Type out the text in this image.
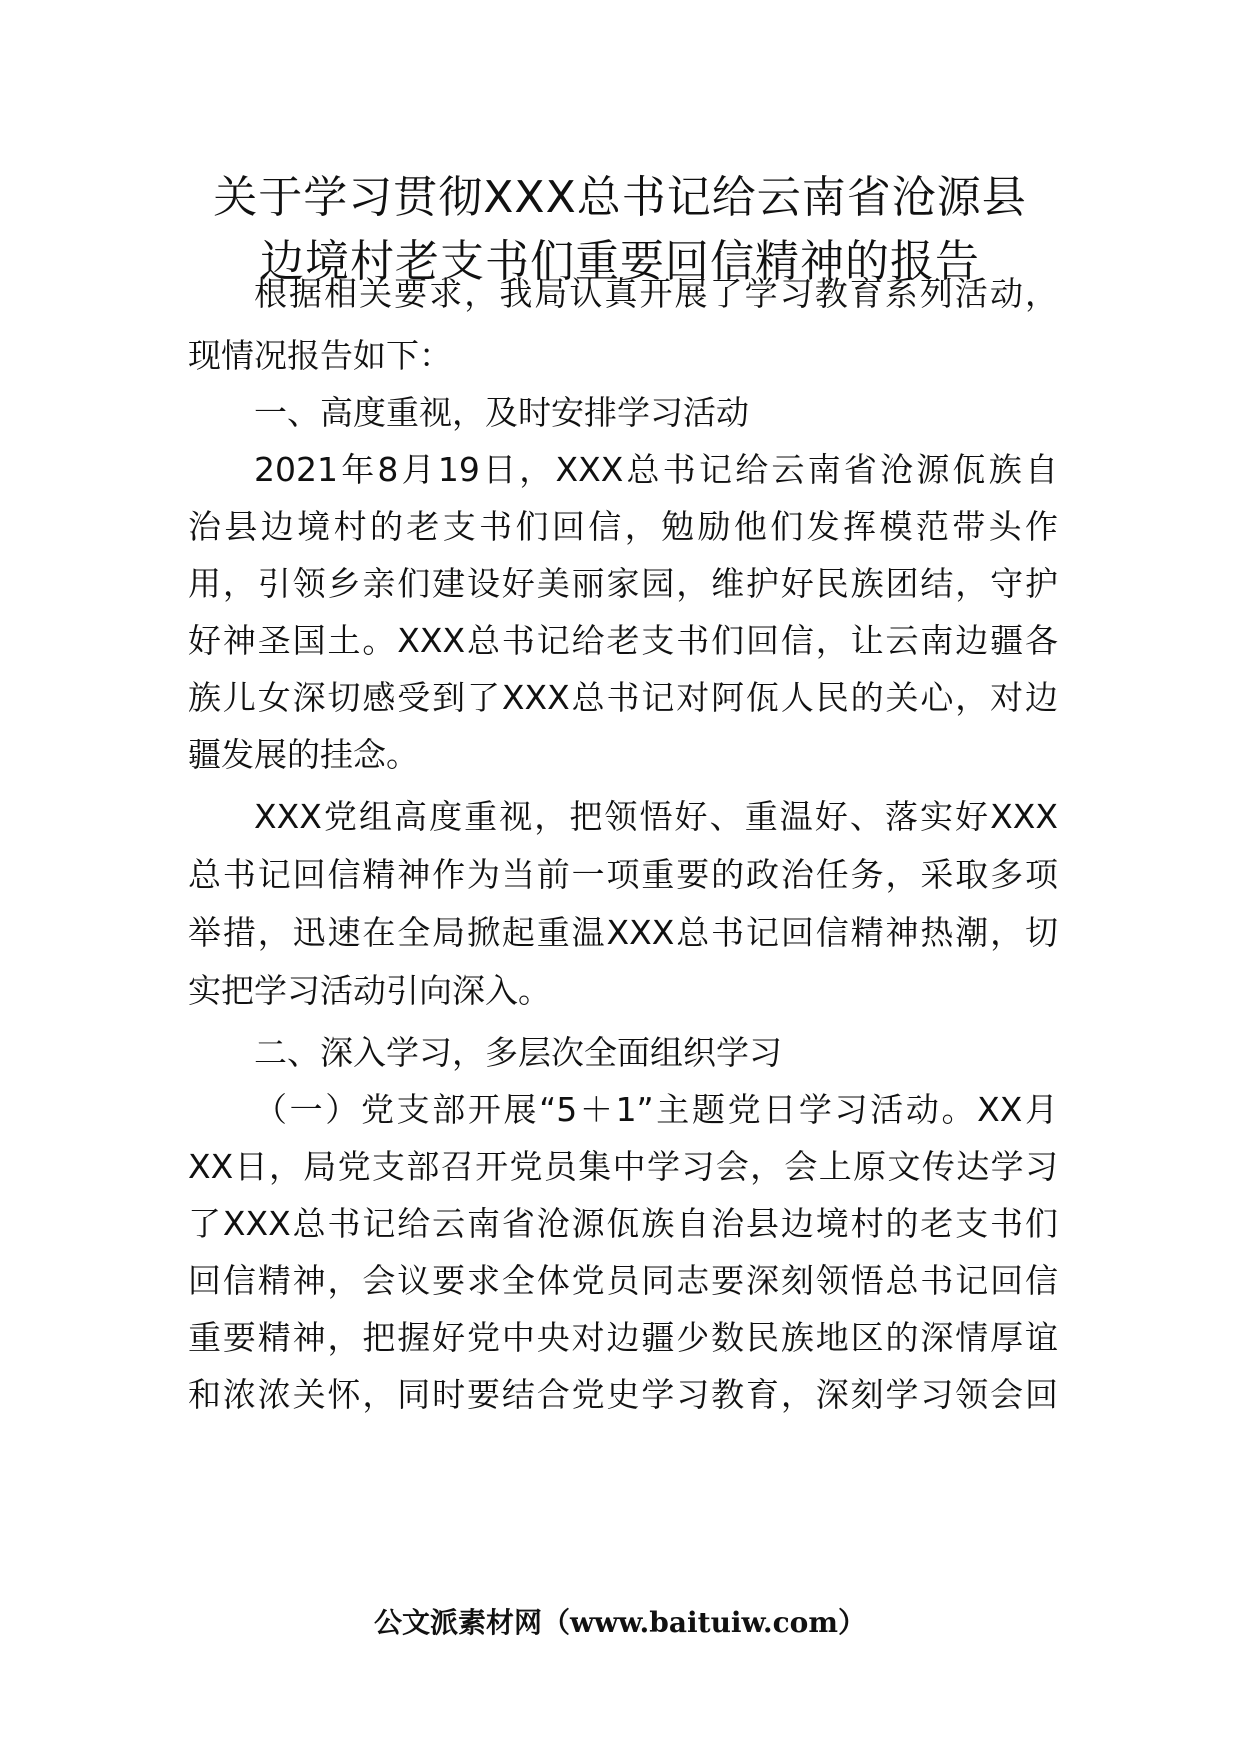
关于学习贯彻XXX总书记给云南省沧源县
边境村老支书们重要回信精神的报告
根据相关要求，我局认真开展了学习教育系列活动，
现情况报告如下：
一、高度重视，及时安排学习活动
2021年8月19日，XXX总书记给云南省沧源佤族自
治县边境村的老支书们回信，勉励他们发挥模范带头作
用，引领乡亲们建设好美丽家园，维护好民族团结，守护
好神圣国土。XXX总书记给老支书们回信，让云南边疆各
族儿女深切感受到了XXX总书记对阿佤人民的关心，对边
疆发展的挂念。
XXX党组高度重视，把领悟好、重温好、落实好XXX
总书记回信精神作为当前一项重要的政治任务，采取多项
举措，迅速在全局掀起重温XXX总书记回信精神热潮，切
实把学习活动引向深入。
二、深入学习，多层次全面组织学习
（一）党支部开展“5＋1”主题党日学习活动。XX月
XX日，局党支部召开党员集中学习会，会上原文传达学习
了XXX总书记给云南省沧源佤族自治县边境村的老支书们
回信精神，会议要求全体党员同志要深刻领悟总书记回信
重要精神，把握好党中央对边疆少数民族地区的深情厚谊
和浓浓关怀，同时要结合党史学习教育，深刻学习领会回
公文派素材网（www.baituiw.com）
